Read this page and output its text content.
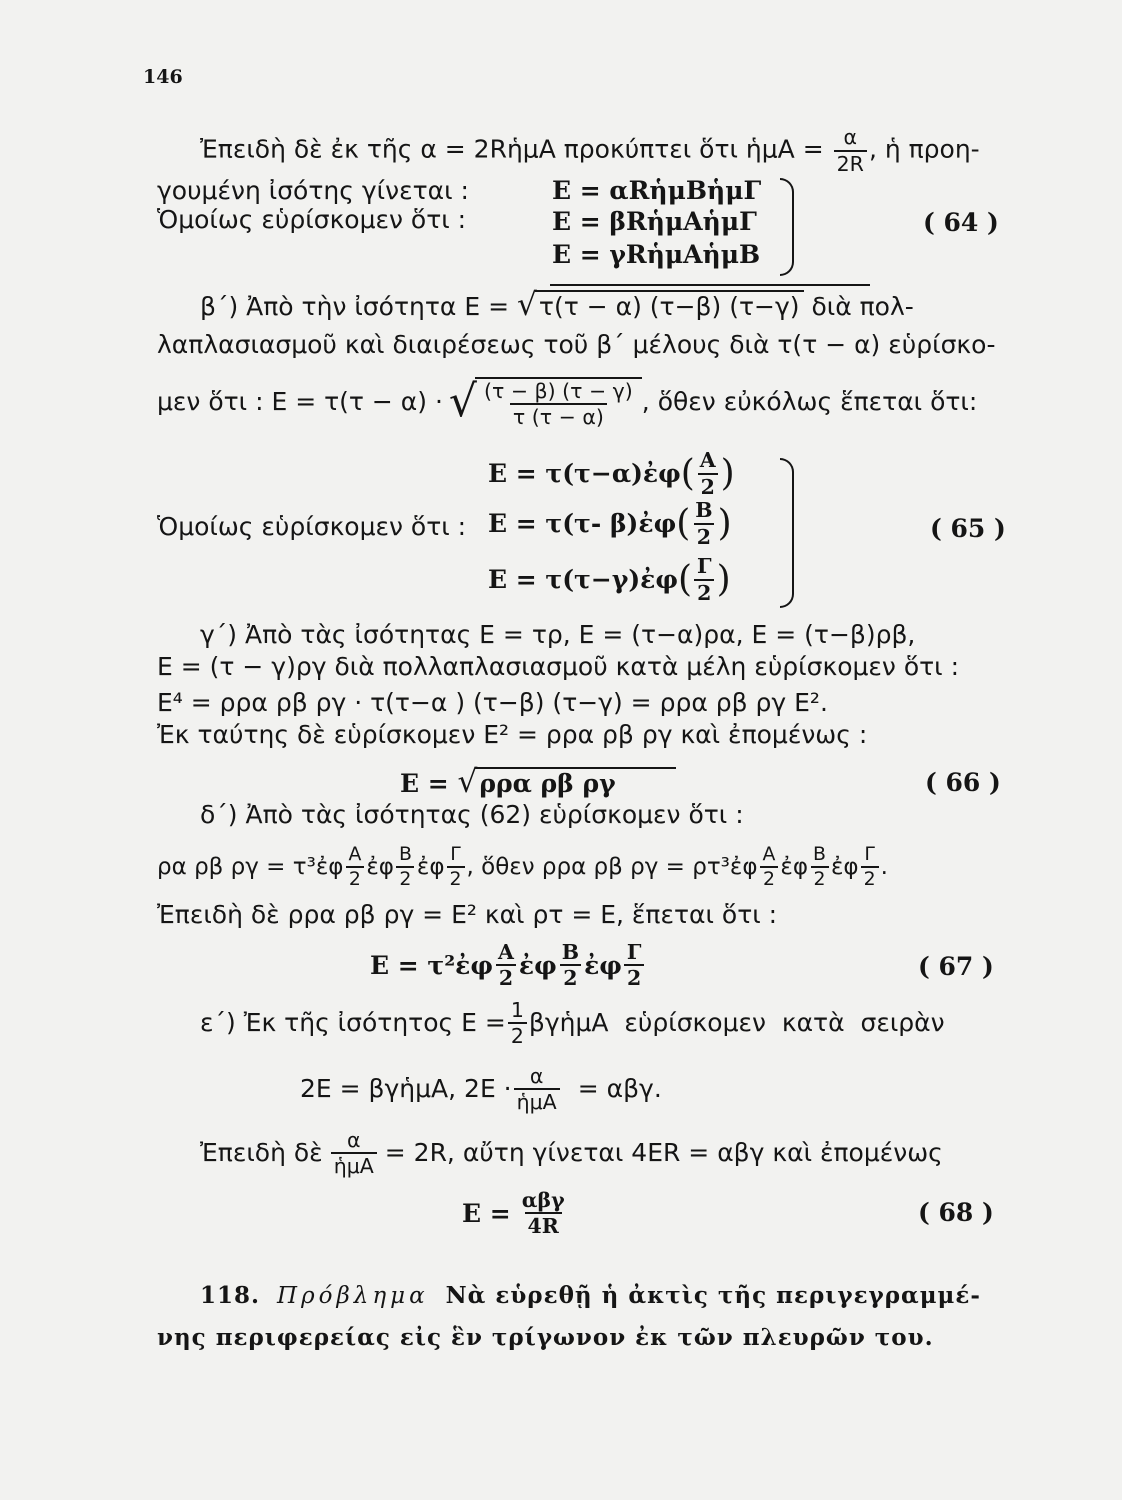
146
Ἐπειδὴ δὲ ἐκ τῆς α = 2RἡμΑ προκύπτει ὅτι ἡμΑ = $\frac{\alpha}{2R}$ , ἡ προη-
γουμένη ἰσότης γίνεται :
Ὁμοίως εὑρίσκομεν ὅτι :
Ε = αRἡμΒἡμΓ
Ε = βRἡμΑἡμΓ
Ε = γRἡμΑἡμΒ
( 64 )
β΄) Ἀπὸ τὴν ἰσότητα Ε = √τ(τ − α) (τ−β) (τ−γ) διὰ πολ-
λαπλασιασμοῦ καὶ διαιρέσεως τοῦ β΄ μέλους διὰ τ(τ − α) εὑρίσκο-
μεν ὅτι : Ε = τ(τ − α) · √ $\frac{(\tau - \beta) (\tau - \gamma)}{\tau (\tau - \alpha)}$ , ὅθεν εὐκόλως ἕπεται ὅτι:
Ε = τ(τ−α)ἐφ ( $\frac{A}{2}$ )
Ὁμοίως εὑρίσκομεν ὅτι : Ε = τ(τ- β)ἐφ ( $\frac{B}{2}$ )
Ε = τ(τ−γ)ἐφ ( $\frac{\Gamma}{2}$ )
( 65 )
γ΄) Ἀπὸ τὰς ἰσότητας Ε = τρ, Ε = (τ−α)ρα, Ε = (τ−β)ρβ,
Ε = (τ − γ)ργ διὰ πολλαπλασιασμοῦ κατὰ μέλη εὑρίσκομεν ὅτι :
Ε⁴ = ρρα ρβ ργ · τ(τ−α ) (τ−β) (τ−γ) = ρρα ρβ ργ Ε².
Ἐκ ταύτης δὲ εὑρίσκομεν Ε² = ρρα ρβ ργ καὶ ἐπομένως :
Ε = √ρρα ρβ ργ	( 66 )
δ΄) Ἀπὸ τὰς ἰσότητας (62) εὑρίσκομεν ὅτι :
ρα ρβ ργ = τ³ἐφ $\frac{A}{2}$ ἐφ $\frac{B}{2}$ ἐφ $\frac{\Gamma}{2}$ , ὅθεν ρρα ρβ ργ = ρτ³ἐφ $\frac{A}{2}$ ἐφ $\frac{B}{2}$ ἐφ $\frac{\Gamma}{2}$ .
Ἐπειδὴ δὲ ρρα ρβ ργ = Ε² καὶ ρτ = Ε, ἕπεται ὅτι :
Ε = τ²ἐφ $\frac{A}{2}$ ἐφ $\frac{B}{2}$ ἐφ $\frac{\Gamma}{2}$	( 67 )
ε΄) Ἐκ τῆς ἰσότητος $E = \frac{1}{2}$ βγἡμΑ  εὑρίσκομεν  κατὰ  σειρὰν
2Ε = βγἡμΑ, $2E \cdot \frac{\alpha}{\text{ἡμΑ}} = \alpha\beta\gamma$.
Ἐπειδὴ δὲ $\frac{\alpha}{\text{ἡμΑ}} = 2R$, αὔτη γίνεται 4ΕR = αβγ καὶ ἐπομένως
$E = \frac{\text{αβγ}}{4R}$	( 68 )
118. Πρόβλημα Νὰ εὑρεθῇ ἡ ἀκτὶς τῆς περιγεγραμμέ-
νης περιφερείας εἰς ἓν τρίγωνον ἐκ τῶν πλευρῶν του.
